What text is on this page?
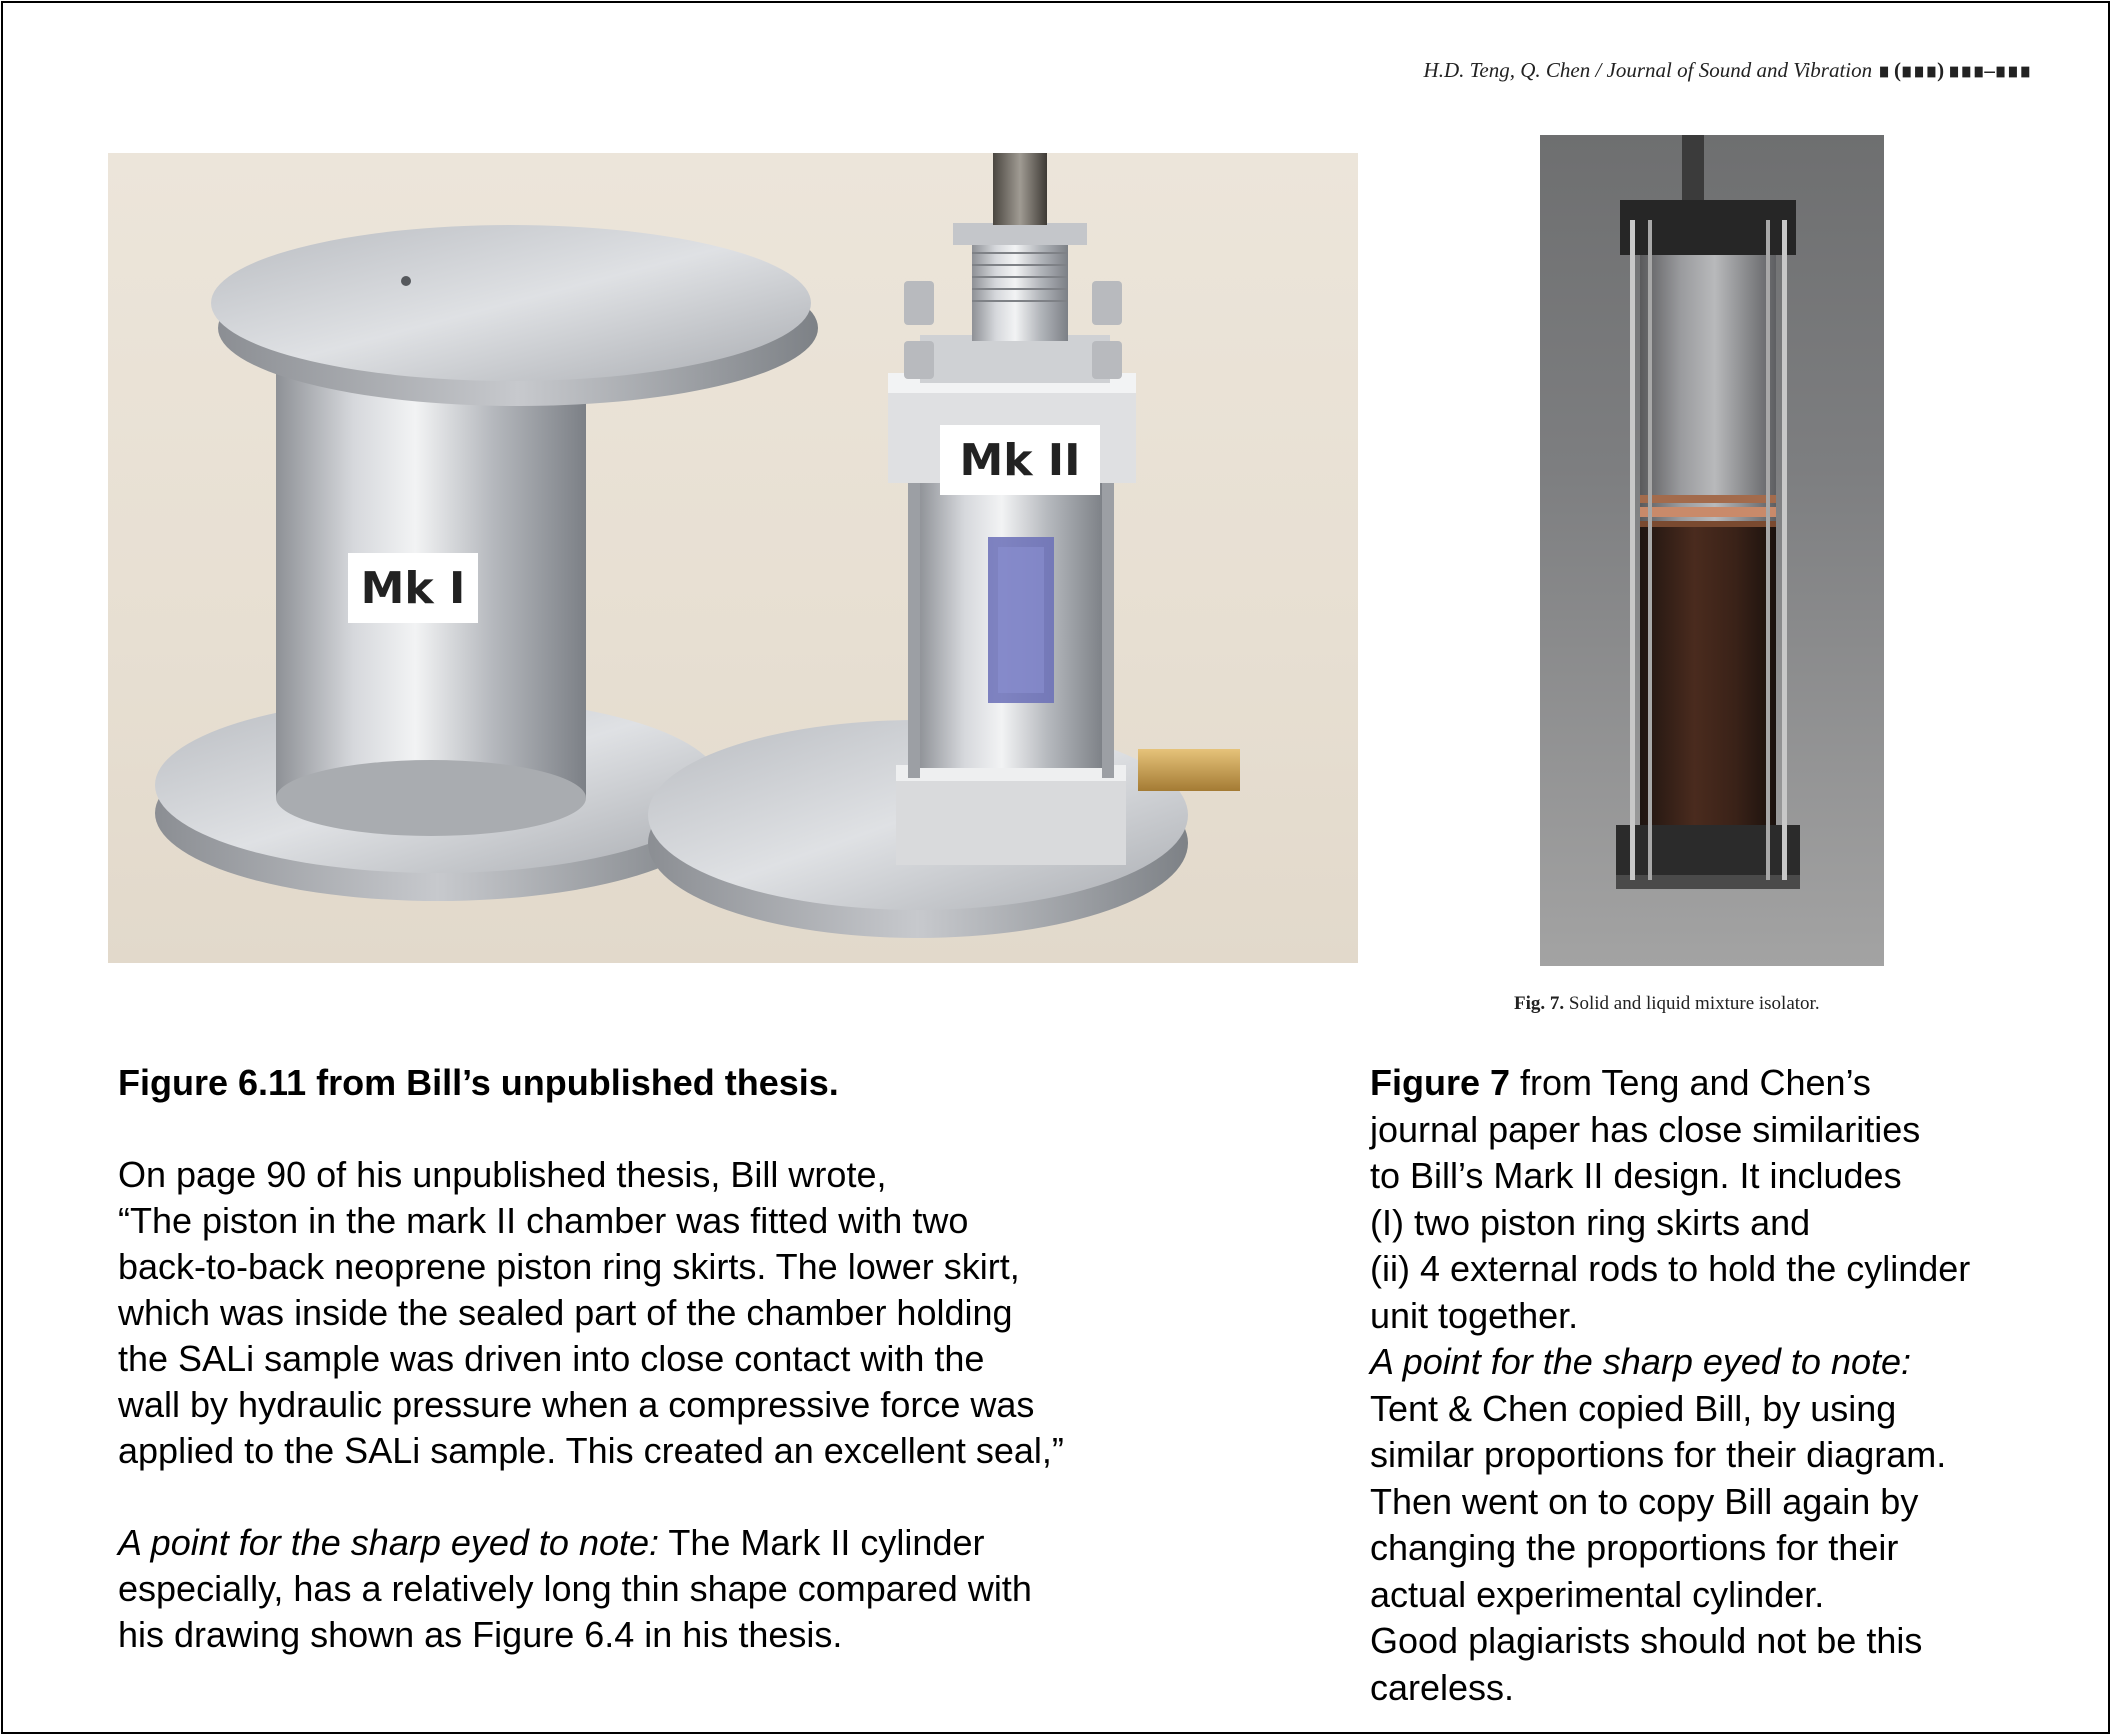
H.D. Teng, Q. Chen / Journal of Sound and Vibration ∎ (∎∎∎) ∎∎∎–∎∎∎
Mk I
Mk II
Fig. 7. Solid and liquid mixture isolator.

Figure 6.11 from Bill’s unpublished thesis.

On page 90 of his unpublished thesis, Bill wrote,

“The piston in the mark II chamber was fitted with two

back-to-back neoprene piston ring skirts. The lower skirt,

which was inside the sealed part of the chamber holding

the SALi sample was driven into close contact with the

wall by hydraulic pressure when a compressive force was

applied to the SALi sample. This created an excellent seal,”

A point for the sharp eyed to note: The Mark II cylinder

especially, has a relatively long thin shape compared with

his drawing shown as Figure 6.4 in his thesis.

Figure 7 from Teng and Chen’s

journal paper has close similarities

to Bill’s Mark II design. It includes

(I) two piston ring skirts and

(ii) 4 external rods to hold the cylinder

unit together.

A point for the sharp eyed to note:

Tent & Chen copied Bill, by using

similar proportions for their diagram.

Then went on to copy Bill again by

changing the proportions for their

actual experimental cylinder.

Good plagiarists should not be this

careless.
